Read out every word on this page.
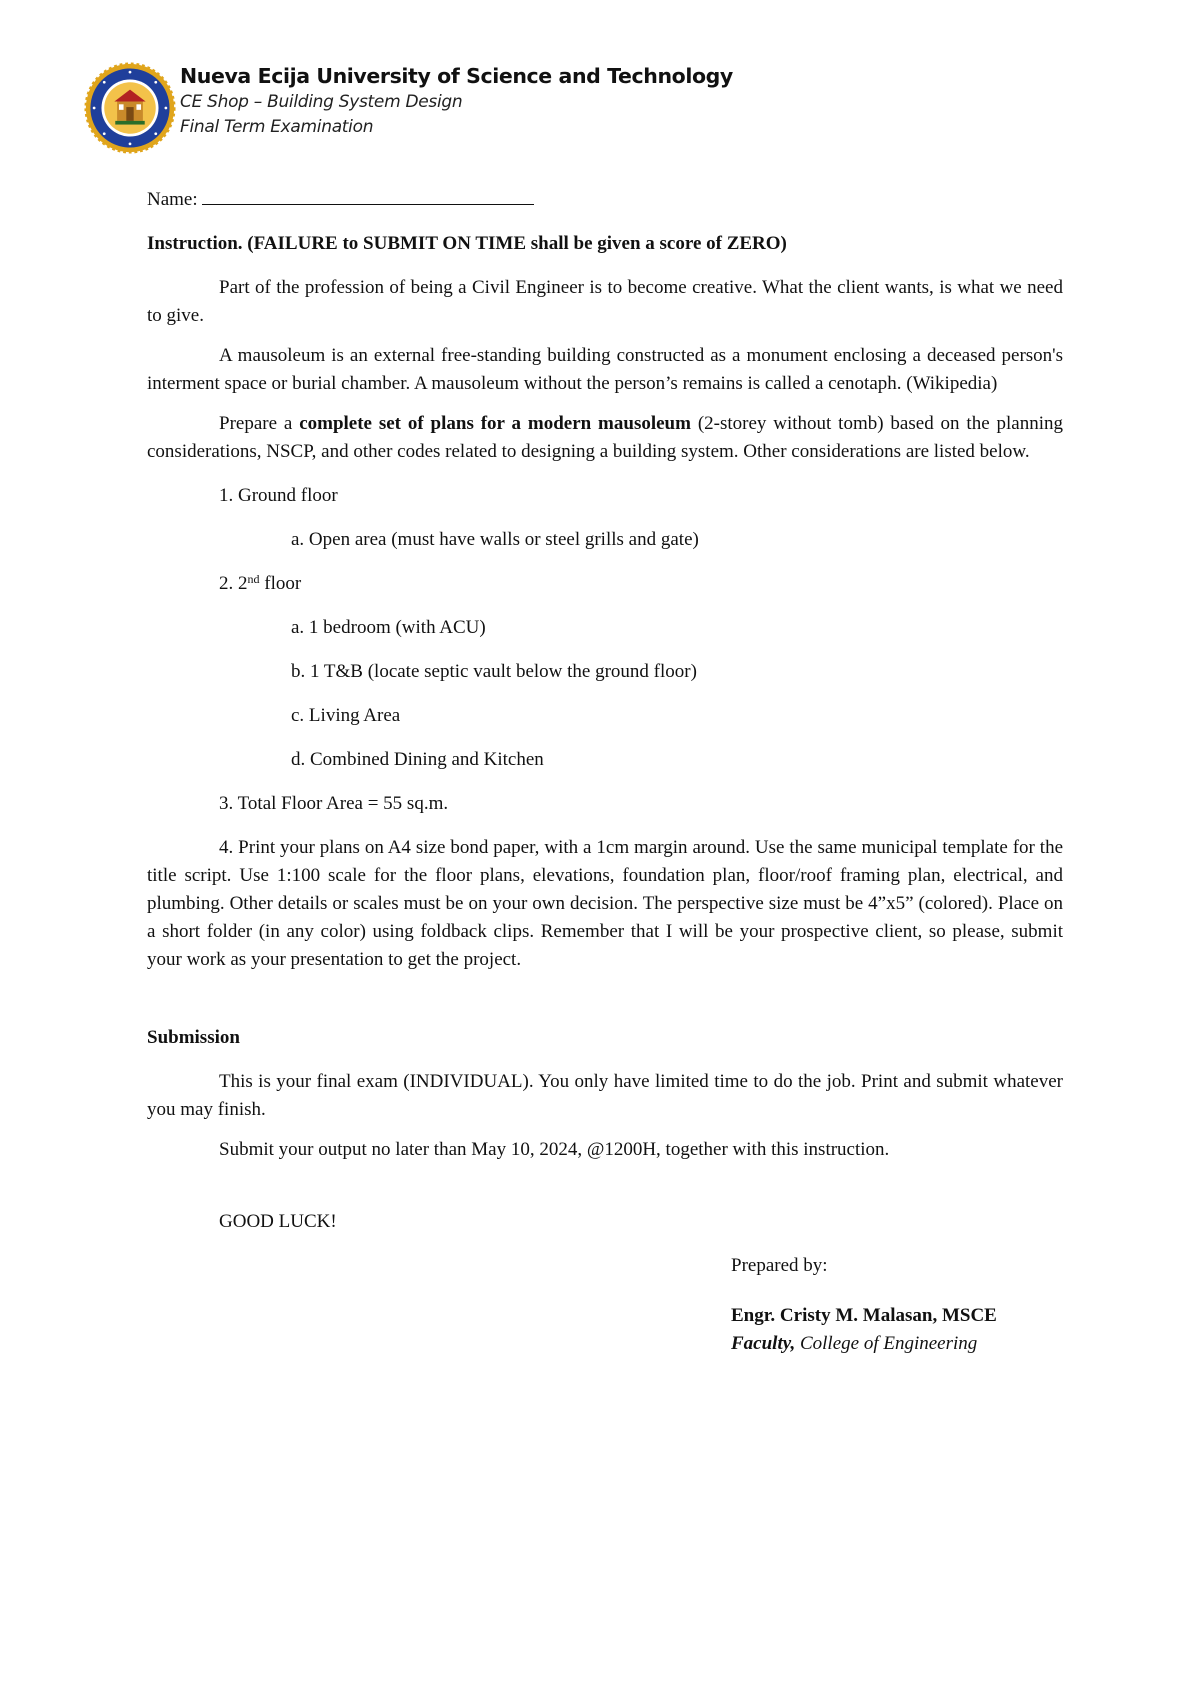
Nueva Ecija University of Science and Technology
CE Shop – Building System Design
Final Term Examination

Name:

Instruction. (FAILURE to SUBMIT ON TIME shall be given a score of ZERO)

Part of the profession of being a Civil Engineer is to become creative. What the client wants, is what we need to give.

A mausoleum is an external free-standing building constructed as a monument enclosing a deceased person's interment space or burial chamber. A mausoleum without the person’s remains is called a cenotaph. (Wikipedia)

Prepare a complete set of plans for a modern mausoleum (2-storey without tomb) based on the planning considerations, NSCP, and other codes related to designing a building system. Other considerations are listed below.

1. Ground floor

a. Open area (must have walls or steel grills and gate)

2. 2nd floor

a. 1 bedroom (with ACU)

b. 1 T&B (locate septic vault below the ground floor)

c. Living Area

d. Combined Dining and Kitchen

3. Total Floor Area = 55 sq.m.

4. Print your plans on A4 size bond paper, with a 1cm margin around. Use the same municipal template for the title script. Use 1:100 scale for the floor plans, elevations, foundation plan, floor/roof framing plan, electrical, and plumbing. Other details or scales must be on your own decision. The perspective size must be 4”x5” (colored). Place on a short folder (in any color) using foldback clips. Remember that I will be your prospective client, so please, submit your work as your presentation to get the project.

Submission

This is your final exam (INDIVIDUAL). You only have limited time to do the job. Print and submit whatever you may finish.

Submit your output no later than May 10, 2024, @1200H, together with this instruction.

GOOD LUCK!

Prepared by:

Engr. Cristy M. Malasan, MSCE

Faculty, College of Engineering
